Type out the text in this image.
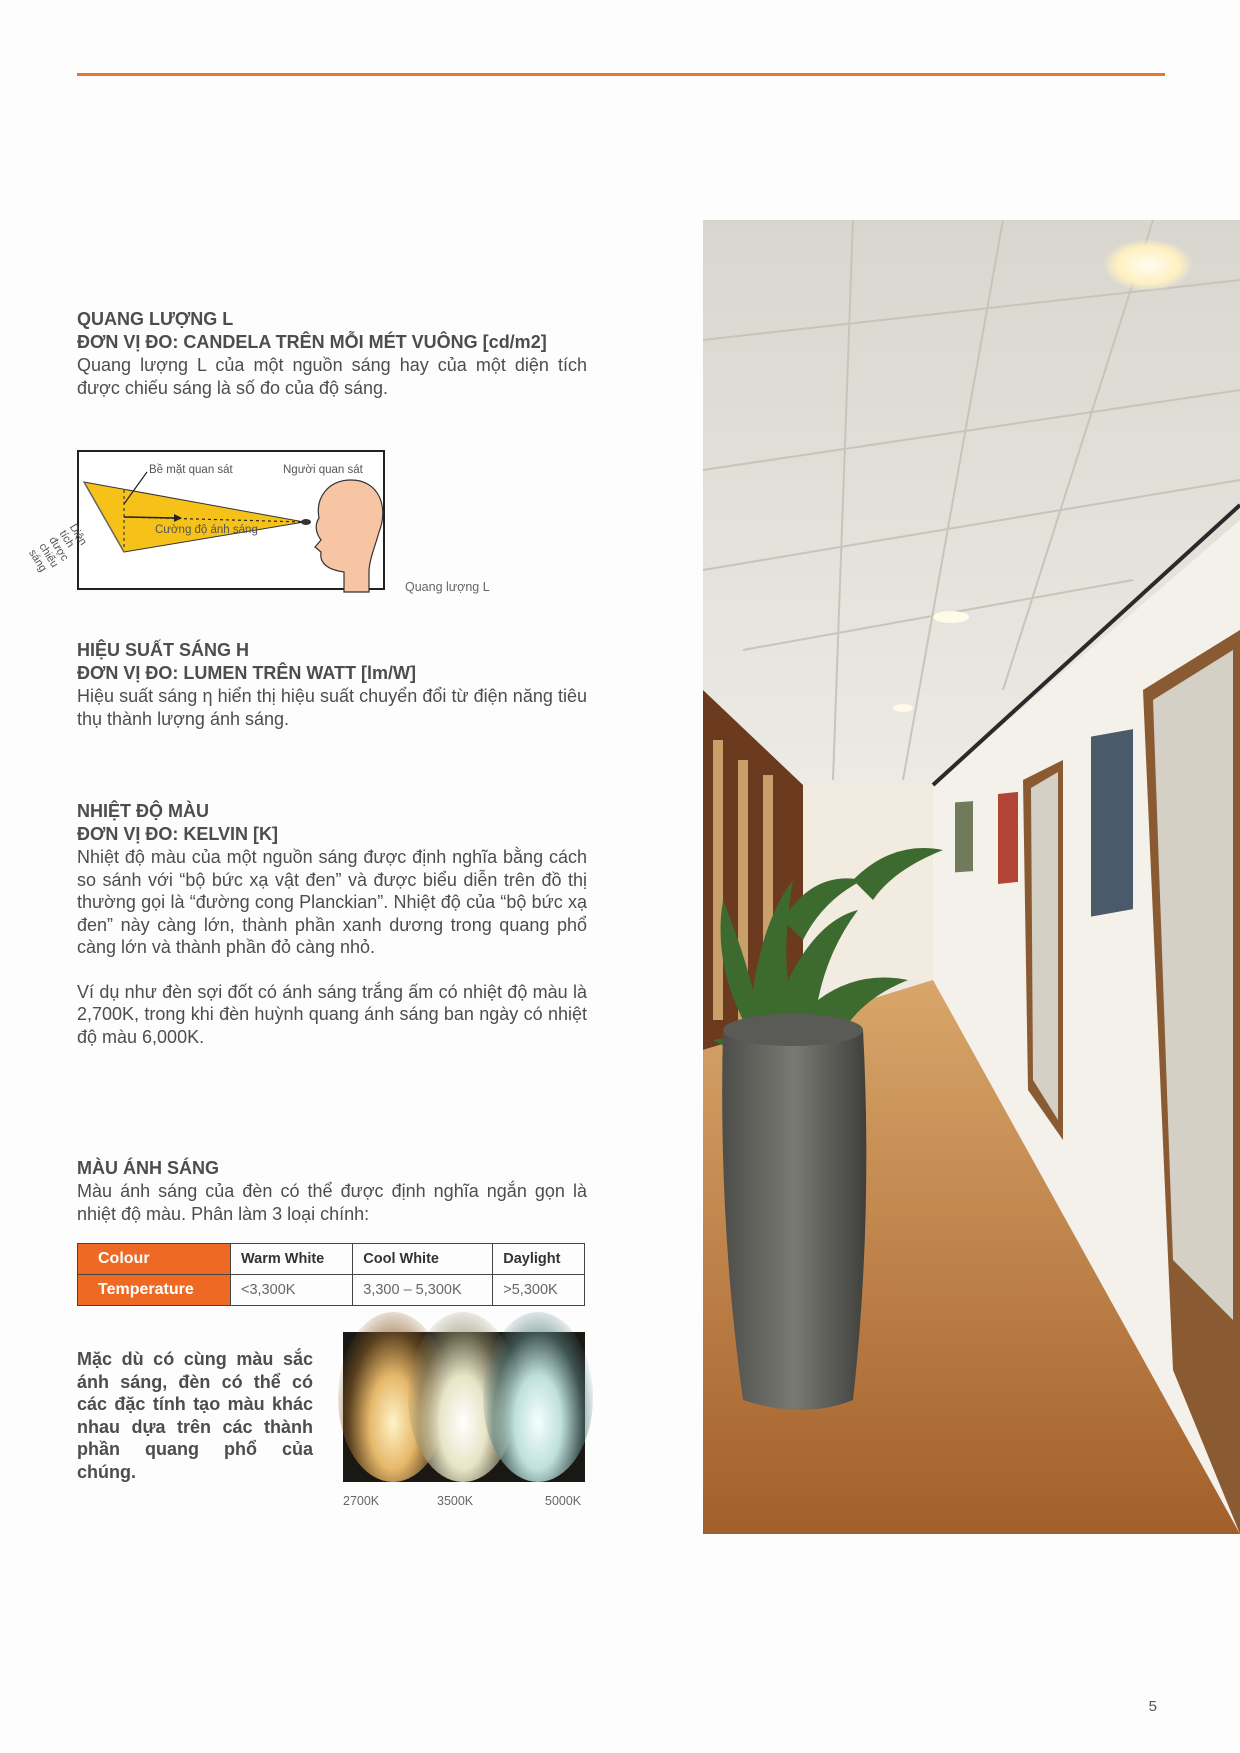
QUANG LƯỢNG L

ĐƠN VỊ ĐO: CANDELA TRÊN MỖI MÉT VUÔNG [cd/m2]

Quang lượng L của một nguồn sáng hay của một diện tích được chiếu sáng là số đo của độ sáng.

Bề mặt quan sát	Người quan sát
Cường độ ánh sáng
Diện tích được chiếu sáng
Quang lượng L

HIỆU SUẤT SÁNG H

ĐƠN VỊ ĐO: LUMEN TRÊN WATT [lm/W]

Hiệu suất sáng η hiển thị hiệu suất chuyển đổi từ điện năng tiêu thụ thành lượng ánh sáng.

NHIỆT ĐỘ MÀU

ĐƠN VỊ ĐO: KELVIN [K]

Nhiệt độ màu của một nguồn sáng được định nghĩa bằng cách so sánh với “bộ bức xạ vật đen” và được biểu diễn trên đồ thị thường gọi là “đường cong Planckian”. Nhiệt độ của “bộ bức xạ đen” này càng lớn, thành phần xanh dương trong quang phổ càng lớn và thành phần đỏ càng nhỏ.

Ví dụ như đèn sợi đốt có ánh sáng trắng ấm có nhiệt độ màu là 2,700K, trong khi đèn huỳnh quang ánh sáng ban ngày có nhiệt độ màu 6,000K.

MÀU ÁNH SÁNG

Màu ánh sáng của đèn có thể được định nghĩa ngắn gọn là nhiệt độ màu. Phân làm 3 loại chính:

Colour	Warm White	Cool White	Daylight
Temperature	<3,300K	3,300 – 5,300K	>5,300K
Mặc dù có cùng màu sắc ánh sáng, đèn có thể có các đặc tính tạo màu khác nhau dựa trên các thành phần quang phổ của chúng.
2700K	3500K	5000K
5
